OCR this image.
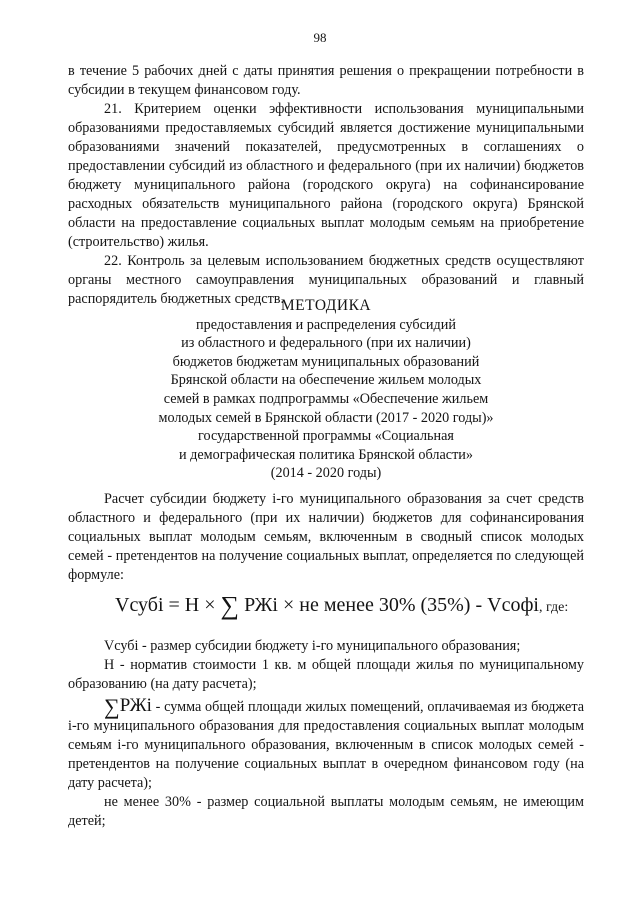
98

в течение 5 рабочих дней с даты принятия решения о прекращении потребности в субсидии в текущем финансовом году.

21. Критерием оценки эффективности использования муниципальными образованиями предоставляемых субсидий является достижение муниципальными образованиями значений показателей, предусмотренных в соглашениях о предоставлении субсидий из областного и федерального (при их наличии) бюджетов бюджету муниципального района (городского округа) на софинансирование расходных обязательств муниципального района (городского округа) Брянской области на предоставление социальных выплат молодым семьям на приобретение (строительство) жилья.

22. Контроль за целевым использованием бюджетных средств осуществляют органы местного самоуправления муниципальных образований и главный распорядитель бюджетных средств.

МЕТОДИКА
предоставления и распределения субсидий
из областного и федерального (при их наличии)
бюджетов бюджетам муниципальных образований
Брянской области на обеспечение жильем молодых
семей в рамках подпрограммы «Обеспечение жильем
молодых семей в Брянской области (2017 - 2020 годы)»
государственной программы «Социальная
и демографическая политика Брянской области»
(2014 - 2020 годы)

Расчет субсидии бюджету i-го муниципального образования за счет средств областного и федерального (при их наличии) бюджетов для софинансирования социальных выплат молодым семьям, включенным в сводный список молодых семей - претендентов на получение социальных выплат, определяется по следующей формуле:

Vсубi = Н × ∑ РЖi × не менее 30% (35%) - Vсофi, где:

Vсубi - размер субсидии бюджету i-го муниципального образования;

Н - норматив стоимости 1 кв. м общей площади жилья по муниципальному образованию (на дату расчета);

∑РЖi - сумма общей площади жилых помещений, оплачиваемая из бюджета i-го муниципального образования для предоставления социальных выплат молодым семьям i-го муниципального образования, включенным в список молодых семей - претендентов на получение социальных выплат в очередном финансовом году (на дату расчета);

не менее 30% - размер социальной выплаты молодым семьям, не имеющим детей;
